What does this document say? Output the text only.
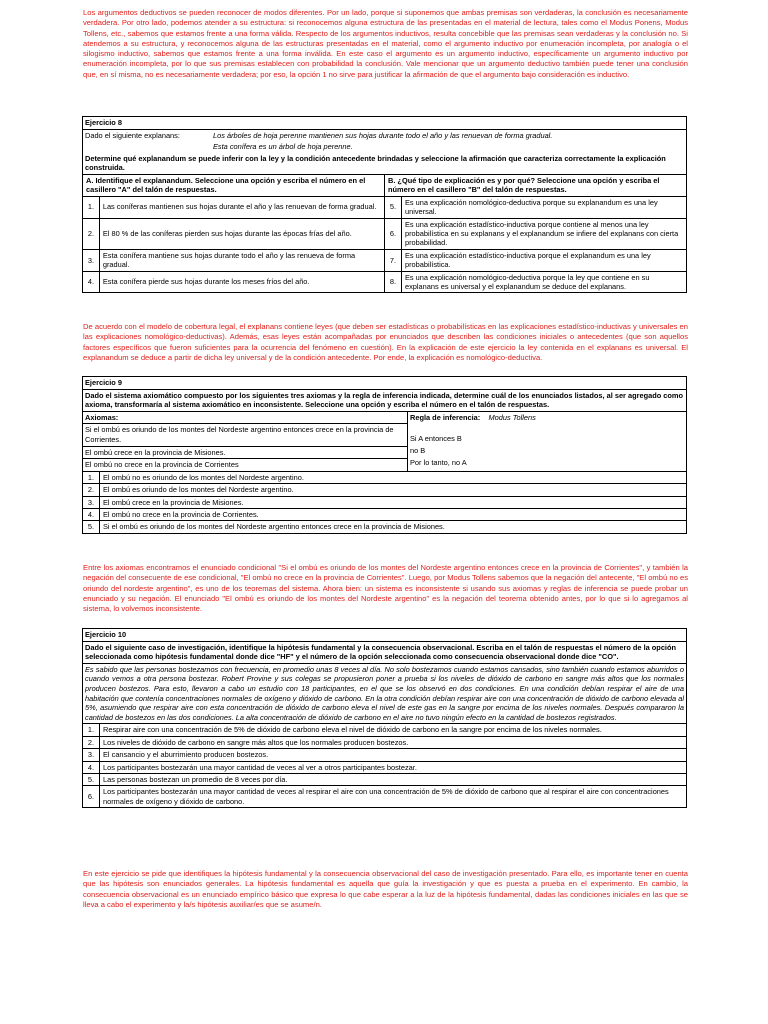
Los argumentos deductivos se pueden reconocer de modos diferentes. Por un lado, porque si suponemos que ambas premisas son verdaderas, la conclusión es necesariamente verdadera. Por otro lado, podemos atender a su estructura: si reconocemos alguna estructura de las presentadas en el material de lectura, tales como el Modus Ponens, Modus Tollens, etc., sabemos que estamos frente a una forma válida. Respecto de los argumentos inductivos, resulta concebible que las premisas sean verdaderas y la conclusión no. Si atendemos a su estructura, y reconocemos alguna de las estructuras presentadas en el material, como el argumento inductivo por enumeración incompleta, por analogía o el silogismo inductivo, sabemos que estamos frente a una forma inválida. En este caso el argumento es un argumento inductivo, específicamente un argumento inductivo por enumeración incompleta, por lo que sus premisas establecen con probabilidad la conclusión. Vale mencionar que un argumento deductivo también puede tener una conclusión que, en sí misma, no es necesariamente verdadera; por eso, la opción 1 no sirve para justificar la afirmación de que el argumento bajo consideración es inductivo.
Ejercicio 8
Dado el siguiente explanans:	Los árboles de hoja perenne mantienen sus hojas durante todo el año y las renuevan de forma gradual.
Esta conífera es un árbol de hoja perenne.
Determine qué explanandum se puede inferir con la ley y la condición antecedente brindadas y seleccione la afirmación que caracteriza correctamente la explicación construida.
A. Identifique el explanandum. Seleccione una opción y escriba el número en el casillero "A" del talón de respuestas.		B. ¿Qué tipo de explicación es y por qué? Seleccione una opción y escriba el número en el casillero "B" del talón de respuestas.	
1.	Las coníferas mantienen sus hojas durante el año y las renuevan de forma gradual.	5.	Es una explicación nomológico-deductiva porque su explanandum es una ley universal.
2.	El 80 % de las coníferas pierden sus hojas durante las épocas frías del año.	6.	Es una explicación estadístico-inductiva porque contiene al menos una ley probabilística en su explanans y el explanandum se infiere del explanans con cierta probabilidad.
3.	Esta conífera mantiene sus hojas durante todo el año y las renueva de forma gradual.	7.	Es una explicación estadístico-inductiva porque el explanandum es una ley probabilística.
4.	Esta conífera pierde sus hojas durante los meses fríos del año.	8.	Es una explicación nomológico-deductiva porque la ley que contiene en su explanans es universal y el explanandum se deduce del explanans.
De acuerdo con el modelo de cobertura legal, el explanans contiene leyes (que deben ser estadísticas o probabilísticas en las explicaciones estadístico-inductivas y universales en las explicaciones nomológico-deductivas). Además, esas leyes están acompañadas por enunciados que describen las condiciones iniciales o antecedentes (que son aquellos factores específicos que fueron suficientes para la ocurrencia del fenómeno en cuestión). En la explicación de este ejercicio la ley contenida en el explanans es universal. El explanandum se deduce a partir de dicha ley universal y de la condición antecedente. Por ende, la explicación es nomológico-deductiva.
Ejercicio 9
Dado el sistema axiomático compuesto por los siguientes tres axiomas y la regla de inferencia indicada, determine cuál de los enunciados listados, al ser agregado como axioma, transformaría al sistema axiomático en inconsistente. Seleccione una opción y escriba el número en el talón de respuestas.
Axiomas:
Si el ombú es oriundo de los montes del Nordeste argentino entonces crece en la provincia de Corrientes.
El ombú crece en la provincia de Misiones.
El ombú no crece en la provincia de Corrientes
Regla de inferencia: Modus Tollens
Si A entonces B
no B
Por lo tanto, no A
1.	El ombú no es oriundo de los montes del Nordeste argentino.
2.	El ombú es oriundo de los montes del Nordeste argentino.
3.	El ombú crece en la provincia de Misiones.
4.	El ombú no crece en la provincia de Corrientes.
5.	Si el ombú es oriundo de los montes del Nordeste argentino entonces crece en la provincia de Misiones.
Entre los axiomas encontramos el enunciado condicional "Si el ombú es oriundo de los montes del Nordeste argentino entonces crece en la provincia de Corrientes", y también la negación del consecuente de ese condicional, "El ombú no crece en la provincia de Corrientes". Luego, por Modus Tollens sabemos que la negación del antecente, "El ombú no es oriundo del nordeste argentino", es uno de los teoremas del sistema. Ahora bien: un sistema es inconsistente si usando sus axiomas y reglas de inferencia se puede probar un enunciado y su negación. El enunciado "El ombú es oriundo de los montes del Nordeste argentino" es la negación del teorema obtenido antes, por lo que si lo agregamos al sistema, lo volvemos inconsistente.
Ejercicio 10
Dado el siguiente caso de investigación, identifique la hipótesis fundamental y la consecuencia observacional. Escriba en el talón de respuestas el número de la opción seleccionada como hipótesis fundamental donde dice "HF" y el número de la opción seleccionada como consecuencia observacional donde dice "CO".
Es sabido que las personas bostezamos con frecuencia, en promedio unas 8 veces al día. No solo bostezamos cuando estamos cansados, sino también cuando estamos aburridos o cuando vemos a otra persona bostezar. Robert Provine y sus colegas se propusieron poner a prueba si los niveles de dióxido de carbono en sangre más altos que los normales producen bostezos. Para esto, llevaron a cabo un estudio con 18 participantes, en el que se los observó en dos condiciones. En una condición debían respirar el aire de una habitación que contenía concentraciones normales de oxígeno y dióxido de carbono. En la otra condición debían respirar aire con una concentración de dióxido de carbono elevada al 5%, asumiendo que respirar aire con esta concentración de dióxido de carbono eleva el nivel de este gas en la sangre por encima de los niveles normales. Después compararon la cantidad de bostezos en las dos condiciones. La alta concentración de dióxido de carbono en el aire no tuvo ningún efecto en la cantidad de bostezos registrados.
1.	Respirar aire con una concentración de 5% de dióxido de carbono eleva el nivel de dióxido de carbono en la sangre por encima de los niveles normales.
2.	Los niveles de dióxido de carbono en sangre más altos que los normales producen bostezos.
3.	El cansancio y el aburrimiento producen bostezos.
4.	Los participantes bostezarán una mayor cantidad de veces al ver a otros participantes bostezar.
5.	Las personas bostezan un promedio de 8 veces por día.
6.	Los participantes bostezarán una mayor cantidad de veces al respirar el aire con una concentración de 5% de dióxido de carbono que al respirar el aire con concentraciones normales de oxígeno y dióxido de carbono.
En este ejercicio se pide que identifiques la hipótesis fundamental y la consecuencia observacional del caso de investigación presentado. Para ello, es importante tener en cuenta que las hipótesis son enunciados generales. La hipótesis fundamental es aquella que guía la investigación y que es puesta a prueba en el experimento. En cambio, la consecuencia observacional es un enunciado empírico básico que expresa lo que cabe esperar a la luz de la hipótesis fundamental, dadas las condiciones iniciales en las que se lleva a cabo el experimento y la/s hipótesis auxiliar/es que se asume/n.
